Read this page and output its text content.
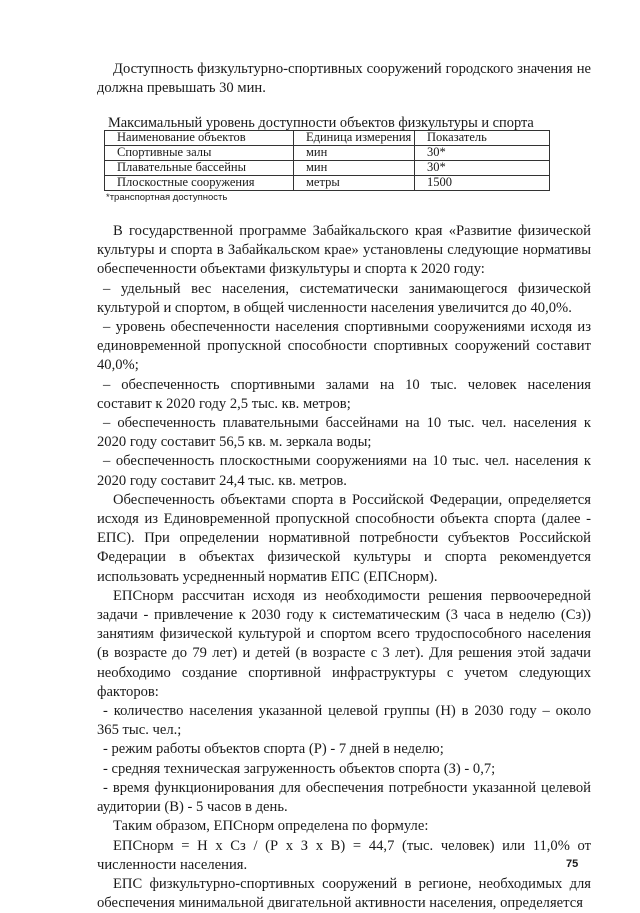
Доступность физкультурно-спортивных сооружений городского значения не должна превышать 30 мин.

Максимальный уровень доступности объектов физкультуры и спорта
Наименование объектов	Единица измерения	Показатель
Спортивные залы	мин	30*
Плавательные бассейны	мин	30*
Плоскостные сооружения	метры	1500
*транспортная доступность

В государственной программе Забайкальского края «Развитие физической культуры и спорта в Забайкальском крае» установлены следующие нормативы обеспеченности объектами физкультуры и спорта к 2020 году:

– удельный вес населения, систематически занимающегося физической культурой и спортом, в общей численности населения увеличится до 40,0%.

– уровень обеспеченности населения спортивными сооружениями исходя из единовременной пропускной способности спортивных сооружений составит 40,0%;

– обеспеченность спортивными залами на 10 тыс. человек населения составит к 2020 году 2,5 тыс. кв. метров;

– обеспеченность плавательными бассейнами на 10 тыс. чел. населения к 2020 году составит 56,5 кв. м. зеркала воды;

– обеспеченность плоскостными сооружениями на 10 тыс. чел. населения к 2020 году составит 24,4 тыс. кв. метров.

Обеспеченность объектами спорта в Российской Федерации, определяется исходя из Единовременной пропускной способности объекта спорта (далее - ЕПС). При определении нормативной потребности субъектов Российской Федерации в объектах физической культуры и спорта рекомендуется использовать усредненный норматив ЕПС (ЕПСнорм).

ЕПСнорм рассчитан исходя из необходимости решения первоочередной задачи - привлечение к 2030 году к систематическим (3 часа в неделю (Сз)) занятиям физической культурой и спортом всего трудоспособного населения (в возрасте до 79 лет) и детей (в возрасте с 3 лет). Для решения этой задачи необходимо создание спортивной инфраструктуры с учетом следующих факторов:

- количество населения указанной целевой группы (Н) в 2030 году – около 365 тыс. чел.;

- режим работы объектов спорта (Р) - 7 дней в неделю;

- средняя техническая загруженность объектов спорта (З) - 0,7;

- время функционирования для обеспечения потребности указанной целевой аудитории (В) - 5 часов в день.

Таким образом, ЕПСнорм определена по формуле:

ЕПСнорм = Н х Сз / (Р х З х В) = 44,7 (тыс. человек) или 11,0% от численности населения.

ЕПС физкультурно-спортивных сооружений в регионе, необходимых для обеспечения минимальной двигательной активности населения, определяется

75
